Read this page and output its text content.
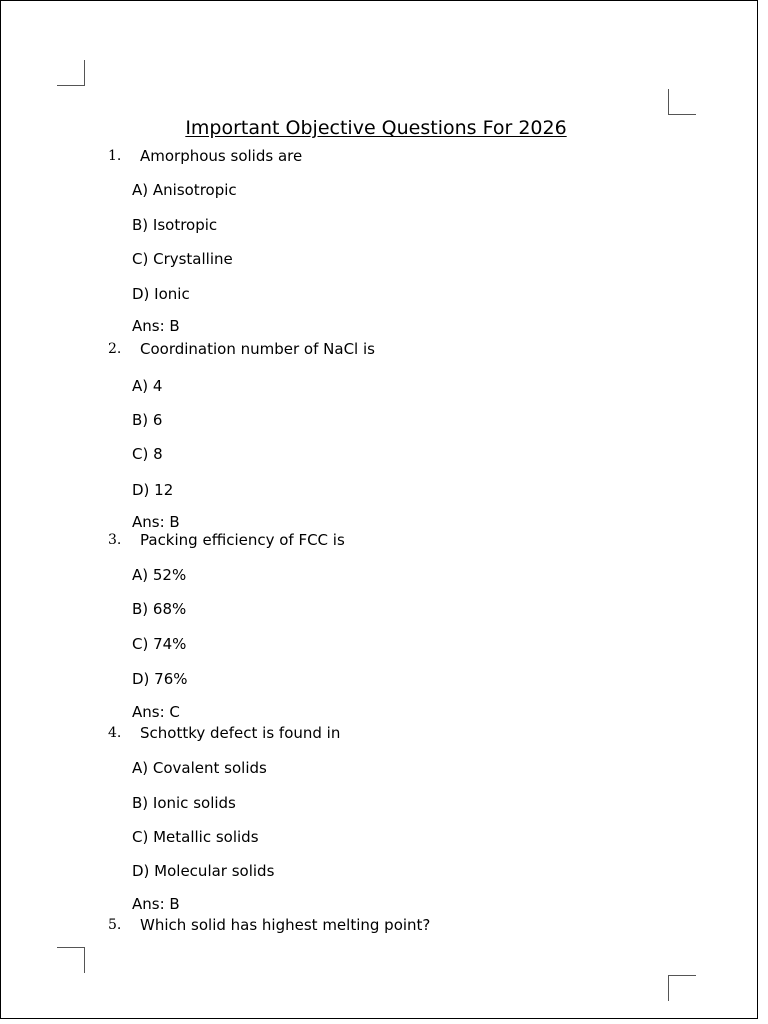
Important Objective Questions For 2026
1.	Amorphous solids are
A) Anisotropic
B) Isotropic
C) Crystalline
D) Ionic
Ans: B
2.	Coordination number of NaCl is
A) 4
B) 6
C) 8
D) 12
Ans: B
3.	Packing efficiency of FCC is
A) 52%
B) 68%
C) 74%
D) 76%
Ans: C
4.	Schottky defect is found in
A) Covalent solids
B) Ionic solids
C) Metallic solids
D) Molecular solids
Ans: B
5.	Which solid has highest melting point?
